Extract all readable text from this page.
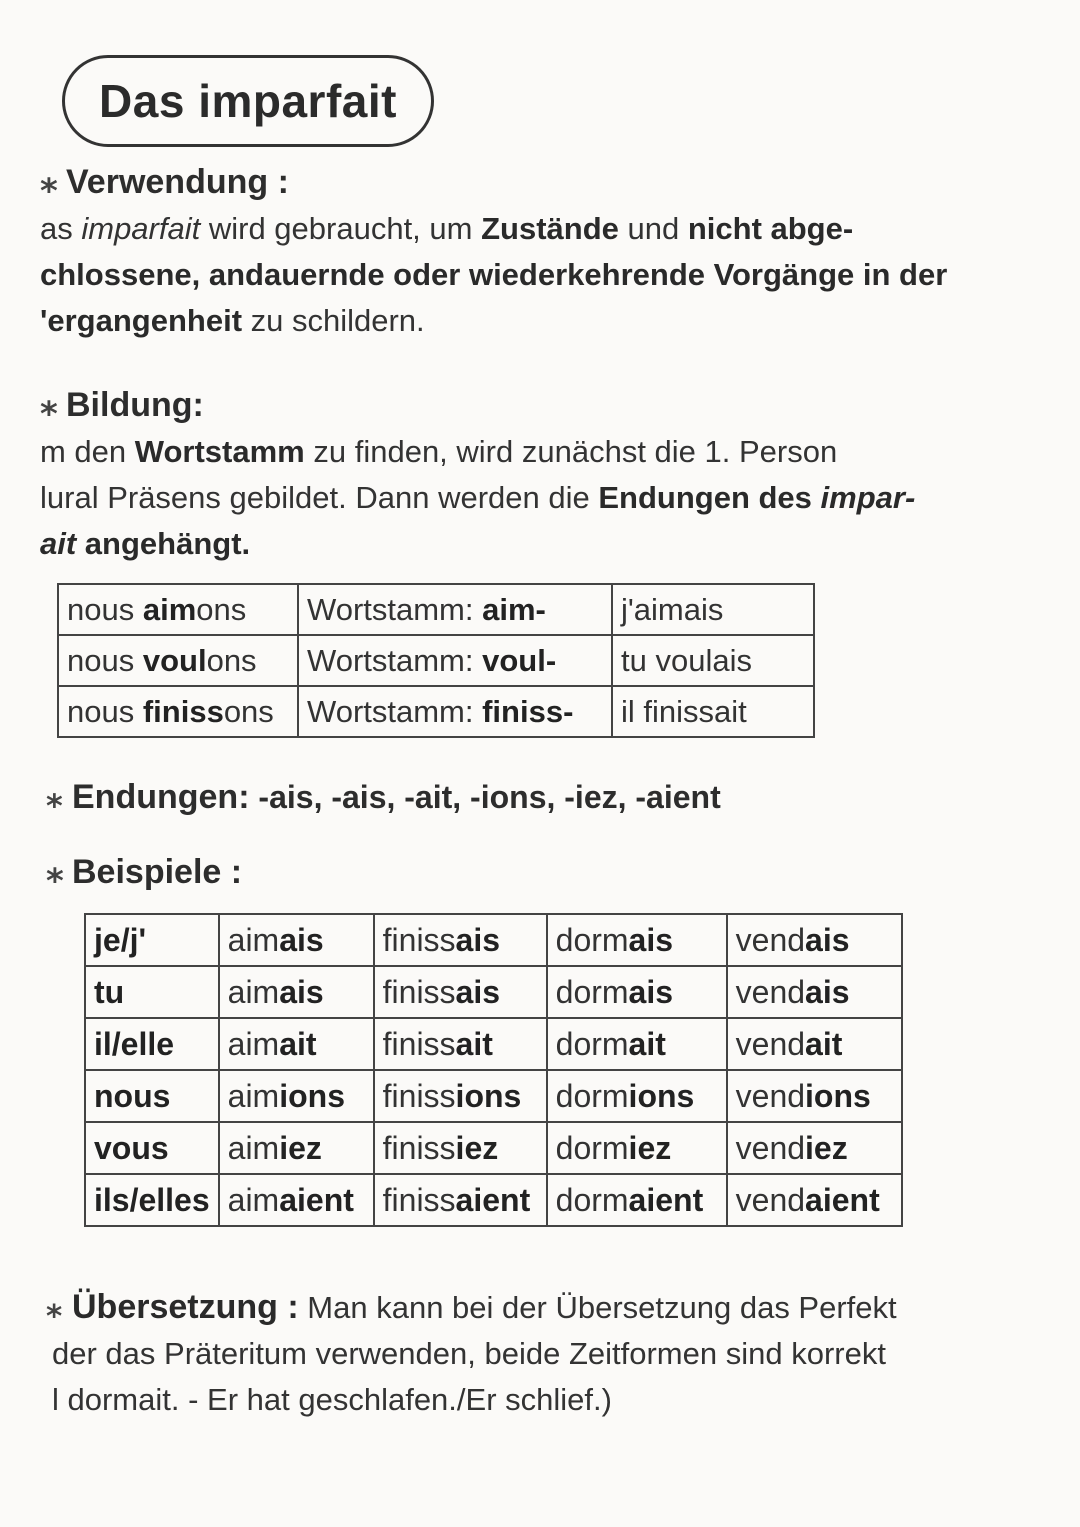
Das imparfait
⁎ Verwendung :
as imparfait wird gebraucht, um Zustände und nicht abge-
chlossene, andauernde oder wiederkehrende Vorgänge in der
'ergangenheit zu schildern.
⁎ Bildung:
m den Wortstamm zu finden, wird zunächst die 1. Person
lural Präsens gebildet. Dann werden die Endungen des impar-
ait angehängt.
nous aimons	Wortstamm: aim-	j'aimais
nous voulons	Wortstamm: voul-	tu voulais
nous finissons	Wortstamm: finiss-	il finissait
⁎ Endungen: -ais, -ais, -ait, -ions, -iez, -aient
⁎ Beispiele :
je/j'	aimais	finissais	dormais	vendais
tu	aimais	finissais	dormais	vendais
il/elle	aimait	finissait	dormait	vendait
nous	aimions	finissions	dormions	vendions
vous	aimiez	finissiez	dormiez	vendiez
ils/elles	aimaient	finissaient	dormaient	vendaient
⁎ Übersetzung : Man kann bei der Übersetzung das Perfekt
der das Präteritum verwenden, beide Zeitformen sind korrekt
l dormait. - Er hat geschlafen./Er schlief.)
